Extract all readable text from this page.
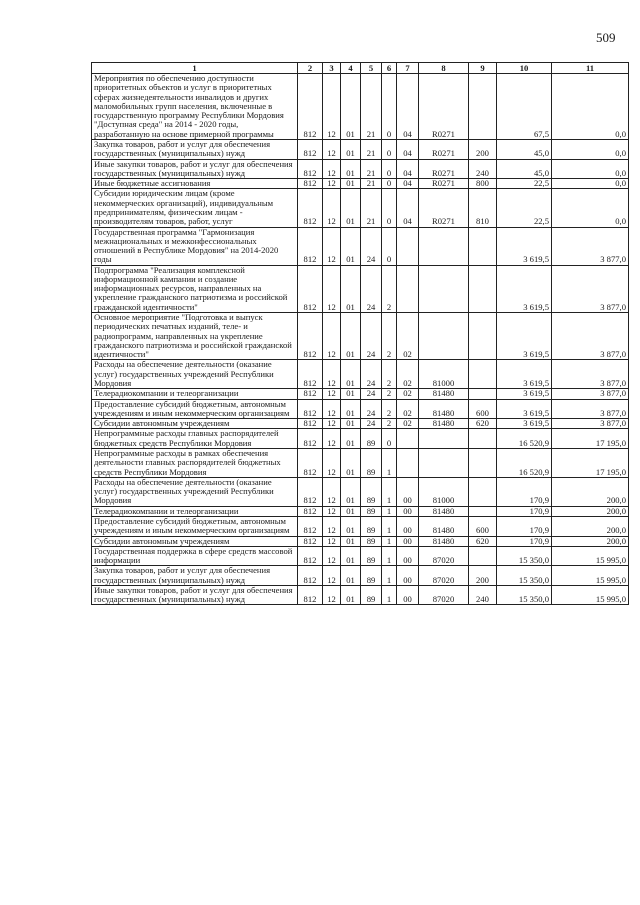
509
1	2	3	4	5	6	7	8	9	10	11
Мероприятия по обеспечению доступности приоритетных объектов и услуг в приоритетных сферах жизнедеятельности инвалидов и других маломобильных групп населения, включенные в государственную программу Республики Мордовия "Доступная среда" на 2014 - 2020 годы, разработанную на основе примерной программы	812	12	01	21	0	04	R0271		67,5	0,0
Закупка товаров, работ и услуг для обеспечения государственных (муниципальных) нужд	812	12	01	21	0	04	R0271	200	45,0	0,0
Иные закупки товаров, работ и услуг для обеспечения государственных (муниципальных) нужд	812	12	01	21	0	04	R0271	240	45,0	0,0
Иные бюджетные ассигнования	812	12	01	21	0	04	R0271	800	22,5	0,0
Субсидии юридическим лицам (кроме некоммерческих организаций), индивидуальным предпринимателям, физическим лицам - производителям товаров, работ, услуг	812	12	01	21	0	04	R0271	810	22,5	0,0
Государственная программа "Гармонизация межнациональных и межконфессиональных отношений в Республике Мордовия" на 2014-2020 годы	812	12	01	24	0				3 619,5	3 877,0
Подпрограмма "Реализация комплексной информационной кампании и создание информационных ресурсов, направленных на укрепление гражданского патриотизма и российской гражданской идентичности"	812	12	01	24	2				3 619,5	3 877,0
Основное мероприятие "Подготовка и выпуск периодических печатных изданий, теле- и радиопрограмм, направленных на укрепление гражданского патриотизма и российской гражданской идентичности"	812	12	01	24	2	02			3 619,5	3 877,0
Расходы на обеспечение деятельности (оказание услуг) государственных учреждений Республики Мордовия	812	12	01	24	2	02	81000		3 619,5	3 877,0
Телерадиокомпании и телеорганизации	812	12	01	24	2	02	81480		3 619,5	3 877,0
Предоставление субсидий бюджетным, автономным учреждениям и иным некоммерческим организациям	812	12	01	24	2	02	81480	600	3 619,5	3 877,0
Субсидии автономным учреждениям	812	12	01	24	2	02	81480	620	3 619,5	3 877,0
Непрограммные расходы главных распорядителей бюджетных средств Республики Мордовия	812	12	01	89	0				16 520,9	17 195,0
Непрограммные расходы в рамках обеспечения деятельности главных распорядителей бюджетных средств Республики Мордовия	812	12	01	89	1				16 520,9	17 195,0
Расходы на обеспечение деятельности (оказание услуг) государственных учреждений Республики Мордовия	812	12	01	89	1	00	81000		170,9	200,0
Телерадиокомпании и телеорганизации	812	12	01	89	1	00	81480		170,9	200,0
Предоставление субсидий бюджетным, автономным учреждениям и иным некоммерческим организациям	812	12	01	89	1	00	81480	600	170,9	200,0
Субсидии автономным учреждениям	812	12	01	89	1	00	81480	620	170,9	200,0
Государственная поддержка в сфере средств массовой информации	812	12	01	89	1	00	87020		15 350,0	15 995,0
Закупка товаров, работ и услуг для обеспечения государственных (муниципальных) нужд	812	12	01	89	1	00	87020	200	15 350,0	15 995,0
Иные закупки товаров, работ и услуг для обеспечения государственных (муниципальных) нужд	812	12	01	89	1	00	87020	240	15 350,0	15 995,0
